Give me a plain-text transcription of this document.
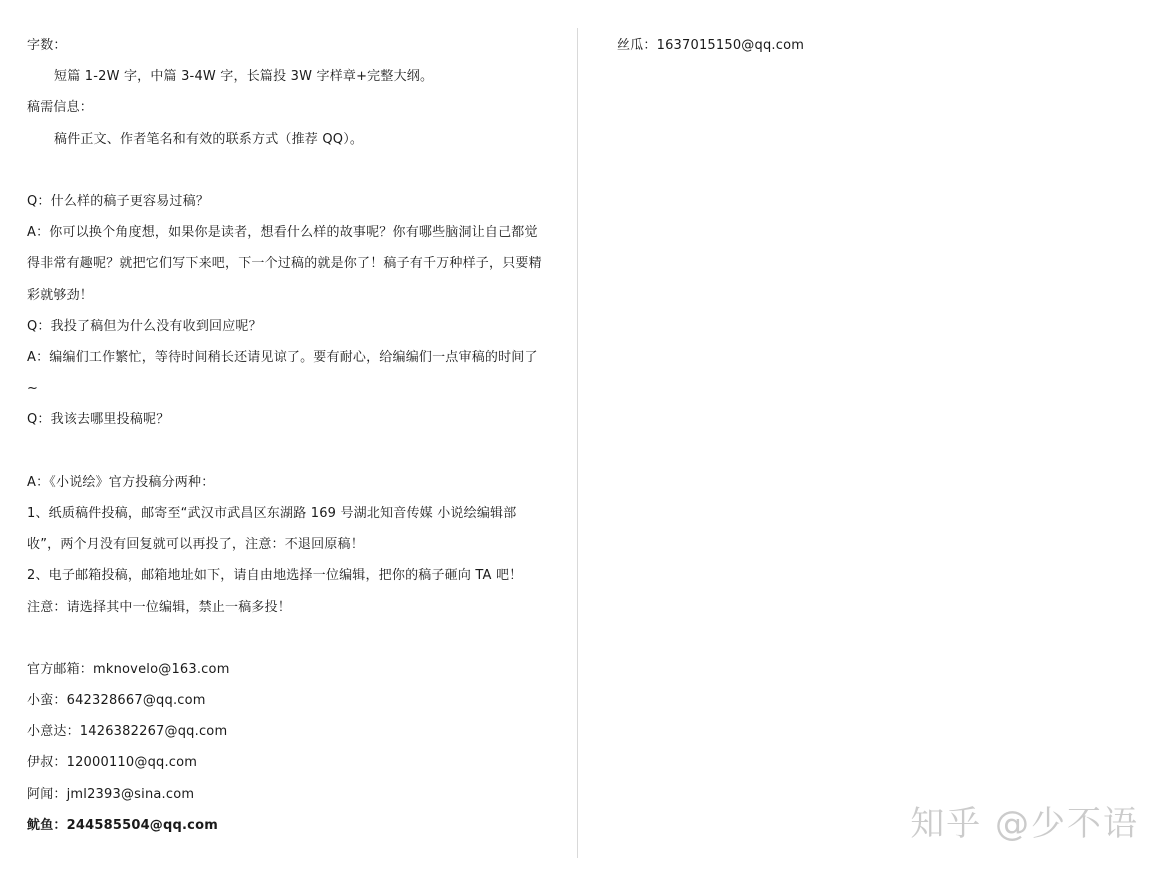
字数：
短篇 1-2W 字，中篇 3-4W 字，长篇投 3W 字样章+完整大纲。
稿需信息：
稿件正文、作者笔名和有效的联系方式（推荐 QQ）。
Q：什么样的稿子更容易过稿？
A：你可以换个角度想，如果你是读者，想看什么样的故事呢？你有哪些脑洞让自己都觉得非常有趣呢？就把它们写下来吧，下一个过稿的就是你了！稿子有千万种样子，只要精彩就够劲！
Q：我投了稿但为什么没有收到回应呢？
A：编编们工作繁忙，等待时间稍长还请见谅了。要有耐心，给编编们一点审稿的时间了~
Q：我该去哪里投稿呢？
A：《小说绘》官方投稿分两种：
1、纸质稿件投稿，邮寄至“武汉市武昌区东湖路 169 号湖北知音传媒 小说绘编辑部收”，两个月没有回复就可以再投了，注意：不退回原稿！
2、电子邮箱投稿，邮箱地址如下，请自由地选择一位编辑，把你的稿子砸向 TA 吧！
注意：请选择其中一位编辑，禁止一稿多投！
官方邮箱：mknovelo@163.com
小蛮：642328667@qq.com
小意达：1426382267@qq.com
伊叔：12000110@qq.com
阿闻：jml2393@sina.com
鱿鱼：244585504@qq.com
丝瓜：1637015150@qq.com
知乎 @少不语
